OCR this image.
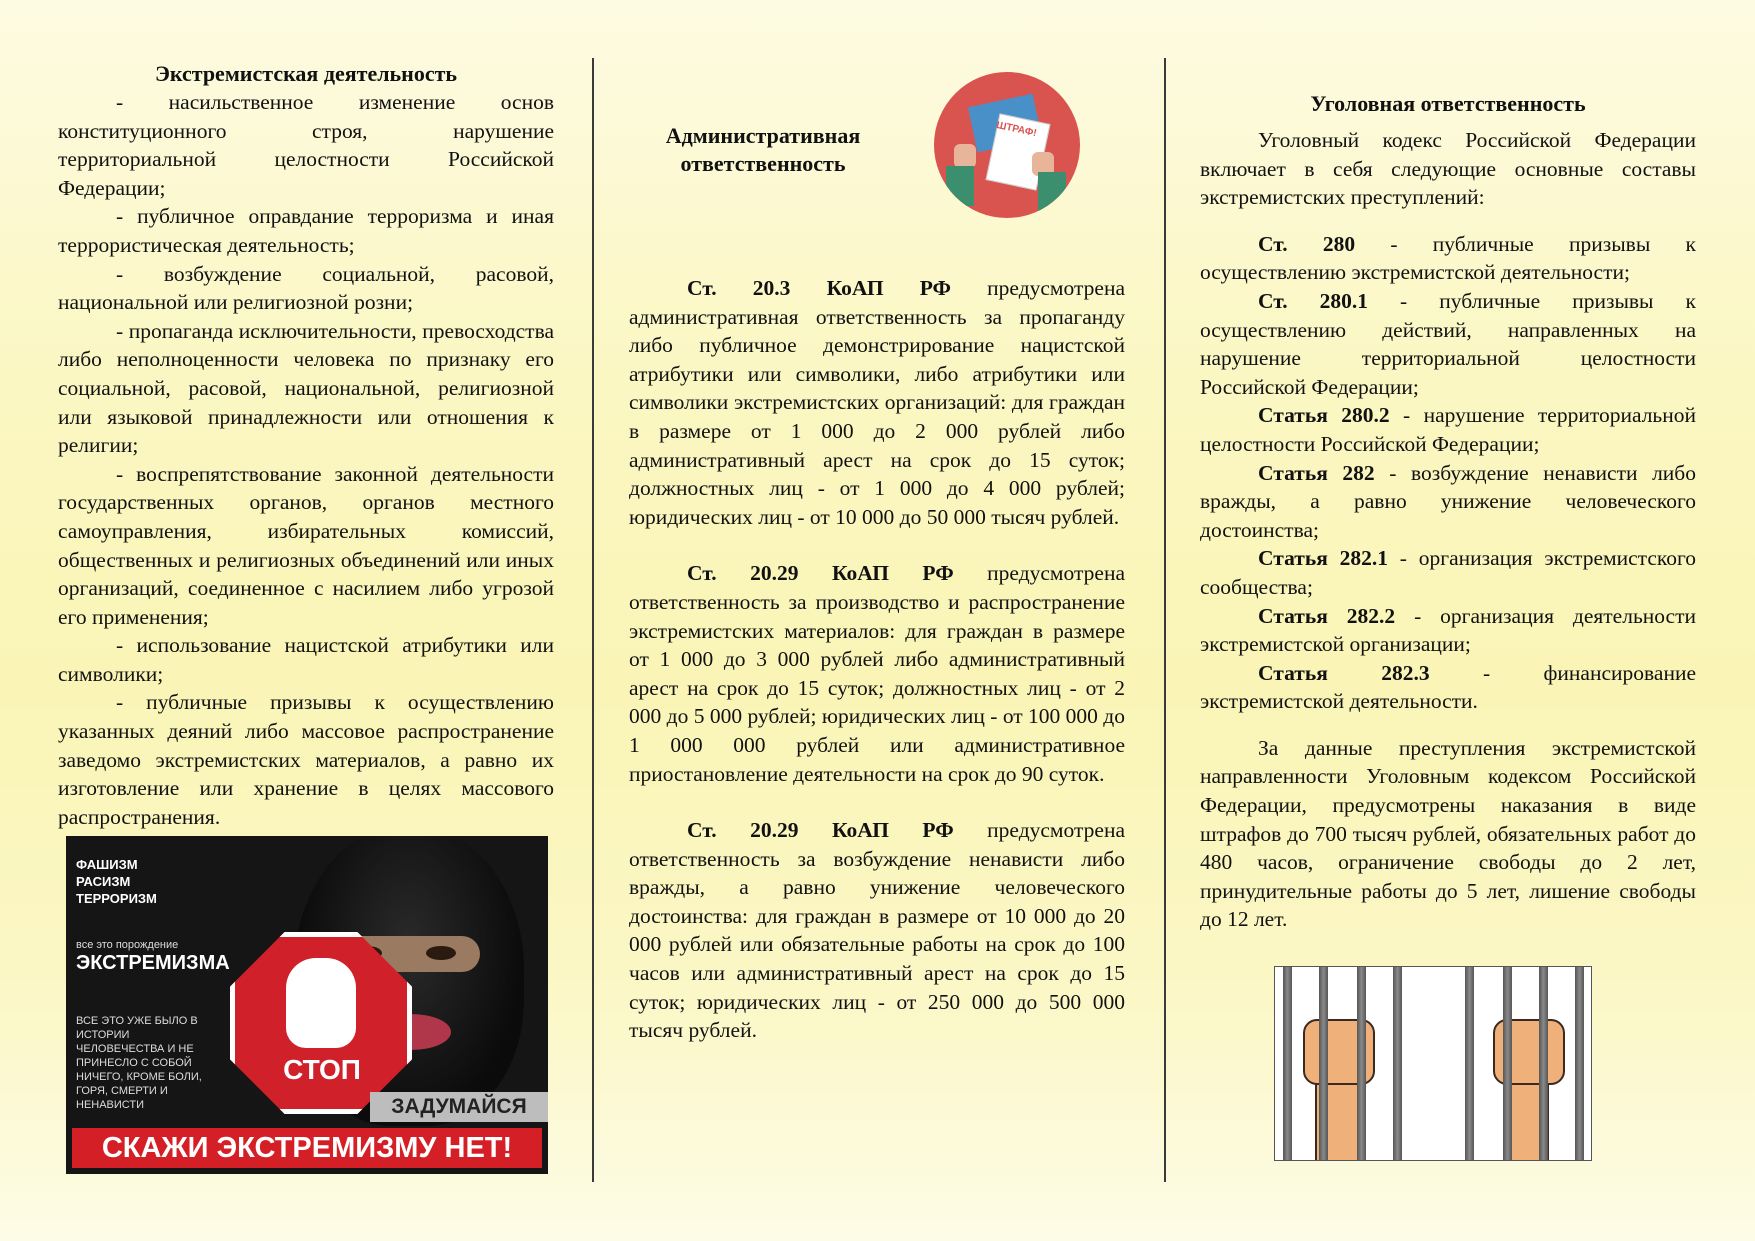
Экстремистская деятельность

- насильственное изменение основ конституционного строя, нарушение территориальной целостности Российской Федерации;

- публичное оправдание терроризма и иная террористическая деятельность;

- возбуждение социальной, расовой, национальной или религиозной розни;

- пропаганда исключительности, превосходства либо неполноценности человека по признаку его социальной, расовой, национальной, религиозной или языковой принадлежности или отношения к религии;

- воспрепятствование законной деятельности государственных органов, органов местного самоуправления, избирательных комиссий, общественных и религиозных объединений или иных организаций, соединенное с насилием либо угрозой его применения;

- использование нацистской атрибутики или символики;

- публичные призывы к осуществлению указанных деяний либо массовое распространение заведомо экстремистских материалов, а равно их изготовление или хранение в целях массового распространения.

ФАШИЗМ
РАСИЗМ
ТЕРРОРИЗМ
все это порождение
ЭКСТРЕМИЗМА
ВСЕ ЭТО УЖЕ БЫЛО В ИСТОРИИ ЧЕЛОВЕЧЕСТВА И НЕ ПРИНЕСЛО С СОБОЙ НИЧЕГО, КРОМЕ БОЛИ, ГОРЯ, СМЕРТИ И НЕНАВИСТИ
СТОП
ЗАДУМАЙСЯ
СКАЖИ ЭКСТРЕМИЗМУ НЕТ!
Административная
ответственность
ШТРАФ!

Ст. 20.3 КоАП РФ предусмотрена административная ответственность за пропаганду либо публичное демонстрирование нацистской атрибутики или символики, либо атрибутики или символики экстремистских организаций: для граждан в размере от 1 000 до 2 000 рублей либо административный арест на срок до 15 суток; должностных лиц - от 1 000 до 4 000 рублей; юридических лиц - от 10 000 до 50 000 тысяч рублей.

Ст. 20.29 КоАП РФ предусмотрена ответственность за производство и распространение экстремистских материалов: для граждан в размере от 1 000 до 3 000 рублей либо административный арест на срок до 15 суток; должностных лиц - от 2 000 до 5 000 рублей; юридических лиц - от 100 000 до 1 000 000 рублей или административное приостановление деятельности на срок до 90 суток.

Ст. 20.29 КоАП РФ предусмотрена ответственность за возбуждение ненависти либо вражды, а равно унижение человеческого достоинства: для граждан в размере от 10 000 до 20 000 рублей или обязательные работы на срок до 100 часов или административный арест на срок до 15 суток; юридических лиц - от 250 000 до 500 000 тысяч рублей.

Уголовная ответственность

Уголовный кодекс Российской Федерации включает в себя следующие основные составы экстремистских преступлений:

Ст. 280 - публичные призывы к осуществлению экстремистской деятельности;

Ст. 280.1 - публичные призывы к осуществлению действий, направленных на нарушение территориальной целостности Российской Федерации;

Статья 280.2 - нарушение территориальной целостности Российской Федерации;

Статья 282 - возбуждение ненависти либо вражды, а равно унижение человеческого достоинства;

Статья 282.1 - организация экстремистского сообщества;

Статья 282.2 - организация деятельности экстремистской организации;

Статья 282.3 - финансирование экстремистской деятельности.

За данные преступления экстремистской направленности Уголовным кодексом Российской Федерации, предусмотрены наказания в виде штрафов до 700 тысяч рублей, обязательных работ до 480 часов, ограничение свободы до 2 лет, принудительные работы до 5 лет, лишение свободы до 12 лет.
